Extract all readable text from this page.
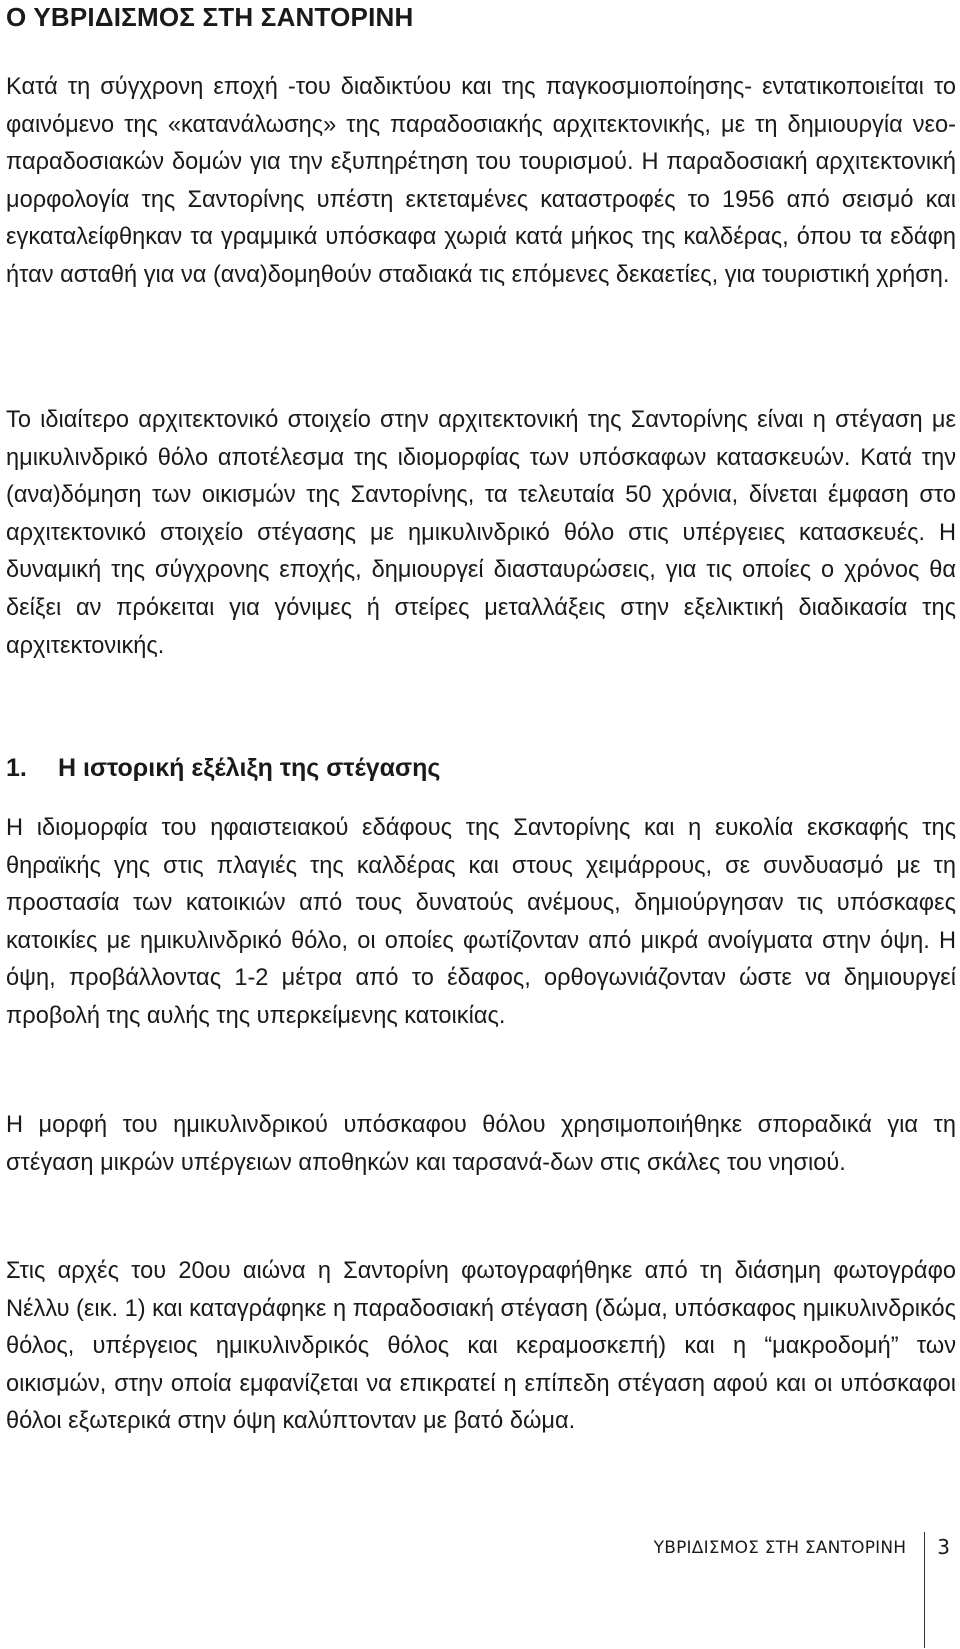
Ο ΥΒΡΙΔΙΣΜΟΣ ΣΤΗ ΣΑΝΤΟΡΙΝΗ

Κατά τη σύγχρονη εποχή -του διαδικτύου και της παγκοσμιοποίησης- εντατικοποιείται το φαινόμενο της «κατανάλωσης» της παραδοσιακής αρχιτεκτονικής, με τη δημιουργία νεο-παραδοσιακών δομών για την εξυπηρέτηση του τουρισμού. Η παραδοσιακή αρχιτεκτονική μορφολογία της Σαντορίνης υπέστη εκτεταμένες καταστροφές το 1956 από σεισμό και εγκαταλείφθηκαν τα γραμμικά υπόσκαφα χωριά κατά μήκος της καλδέρας, όπου τα εδάφη ήταν ασταθή για να (ανα)δομηθούν σταδιακά τις επόμενες δεκαετίες, για τουριστική χρήση.

Το ιδιαίτερο αρχιτεκτονικό στοιχείο στην αρχιτεκτονική της Σαντορίνης είναι η στέγαση με ημικυλινδρικό θόλο αποτέλεσμα της ιδιομορφίας των υπόσκαφων κατασκευών. Κατά την (ανα)δόμηση των οικισμών της Σαντορίνης, τα τελευταία 50 χρόνια, δίνεται έμφαση στο αρχιτεκτονικό στοιχείο στέγασης με ημικυλινδρικό θόλο στις υπέργειες κατασκευές. Η δυναμική της σύγχρονης εποχής, δημιουργεί διασταυρώσεις, για τις οποίες ο χρόνος θα δείξει αν πρόκειται για γόνιμες ή στείρες μεταλλάξεις στην εξελικτική διαδικασία της αρχιτεκτονικής.

1. Η ιστορική εξέλιξη της στέγασης

Η ιδιομορφία του ηφαιστειακού εδάφους της Σαντορίνης και η ευκολία εκσκαφής της θηραϊκής γης στις πλαγιές της καλδέρας και στους χειμάρρους, σε συνδυασμό με τη προστασία των κατοικιών από τους δυνατούς ανέμους, δημιούργησαν τις υπόσκαφες κατοικίες με ημικυλινδρικό θόλο, οι οποίες φωτίζονταν από μικρά ανοίγματα στην όψη. Η όψη, προβάλλοντας 1-2 μέτρα από το έδαφος, ορθογωνιάζονταν ώστε να δημιουργεί προβολή της αυλής της υπερκείμενης κατοικίας.

Η μορφή του ημικυλινδρικού υπόσκαφου θόλου χρησιμοποιήθηκε σποραδικά για τη στέγαση μικρών υπέργειων αποθηκών και ταρσανά-δων στις σκάλες του νησιού.

Στις αρχές του 20ου αιώνα η Σαντορίνη φωτογραφήθηκε από τη διάσημη φωτογράφο Νέλλυ (εικ. 1) και καταγράφηκε η παραδοσιακή στέγαση (δώμα, υπόσκαφος ημικυλινδρικός θόλος, υπέργειος ημικυλινδρικός θόλος και κεραμοσκεπή) και η “μακροδομή” των οικισμών, στην οποία εμφανίζεται να επικρατεί η επίπεδη στέγαση αφού και οι υπόσκαφοι θόλοι εξωτερικά στην όψη καλύπτονταν με βατό δώμα.

ΥΒΡΙΔΙΣΜΟΣ ΣΤΗ ΣΑΝΤΟΡΙΝΗ 3
